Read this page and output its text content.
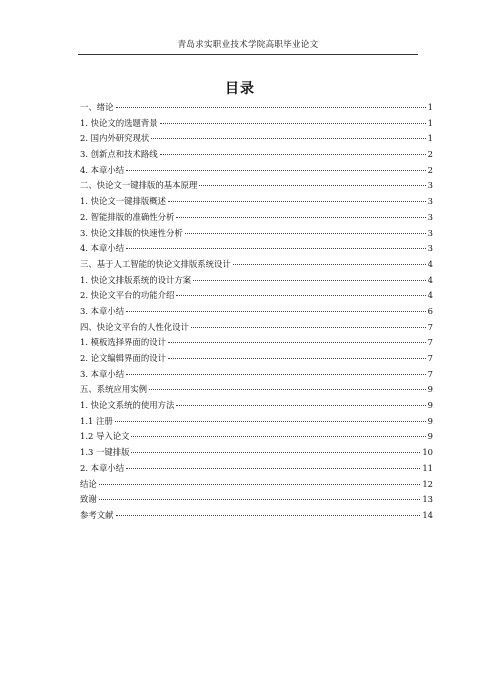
青岛求实职业技术学院高职毕业论文
目录
一、绪论	1
1. 快论文的选题背景	1
2. 国内外研究现状	1
3. 创新点和技术路线	2
4. 本章小结	2
二、快论文一键排版的基本原理	3
1. 快论文一键排版概述	3
2. 智能排版的准确性分析	3
3. 快论文排版的快速性分析	3
4. 本章小结	3
三、基于人工智能的快论文排版系统设计	4
1. 快论文排版系统的设计方案	4
2. 快论文平台的功能介绍	4
3. 本章小结	6
四、快论文平台的人性化设计	7
1. 模板选择界面的设计	7
2. 论文编辑界面的设计	7
3. 本章小结	7
五、系统应用实例	9
1. 快论文系统的使用方法	9
1.1 注册	9
1.2 导入论文	9
1.3 一键排版	10
2. 本章小结	11
结论	12
致谢	13
参考文献	14
